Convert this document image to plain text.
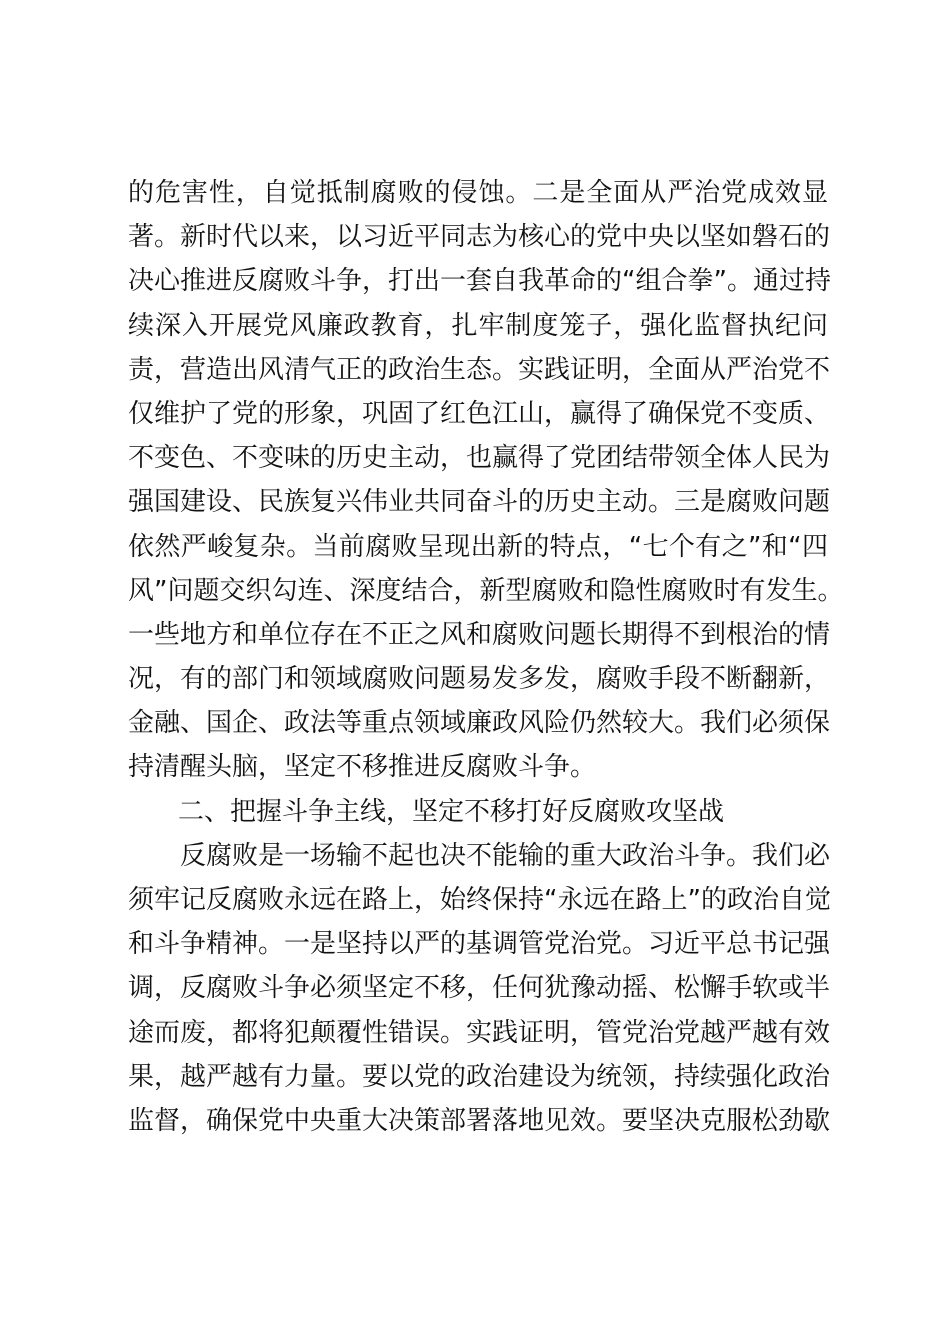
的危害性，自觉抵制腐败的侵蚀。二是全面从严治党成效显
著。新时代以来，以习近平同志为核心的党中央以坚如磐石的
决心推进反腐败斗争，打出一套自我革命的“组合拳”。通过持
续深入开展党风廉政教育，扎牢制度笼子，强化监督执纪问
责，营造出风清气正的政治生态。实践证明，全面从严治党不
仅维护了党的形象，巩固了红色江山，赢得了确保党不变质、
不变色、不变味的历史主动，也赢得了党团结带领全体人民为
强国建设、民族复兴伟业共同奋斗的历史主动。三是腐败问题
依然严峻复杂。当前腐败呈现出新的特点，“七个有之”和“四
风”问题交织勾连、深度结合，新型腐败和隐性腐败时有发生。
一些地方和单位存在不正之风和腐败问题长期得不到根治的情
况，有的部门和领域腐败问题易发多发，腐败手段不断翻新，
金融、国企、政法等重点领域廉政风险仍然较大。我们必须保
持清醒头脑，坚定不移推进反腐败斗争。
二、把握斗争主线，坚定不移打好反腐败攻坚战
反腐败是一场输不起也决不能输的重大政治斗争。我们必
须牢记反腐败永远在路上，始终保持“永远在路上”的政治自觉
和斗争精神。一是坚持以严的基调管党治党。习近平总书记强
调，反腐败斗争必须坚定不移，任何犹豫动摇、松懈手软或半
途而废，都将犯颠覆性错误。实践证明，管党治党越严越有效
果，越严越有力量。要以党的政治建设为统领，持续强化政治
监督，确保党中央重大决策部署落地见效。要坚决克服松劲歇
